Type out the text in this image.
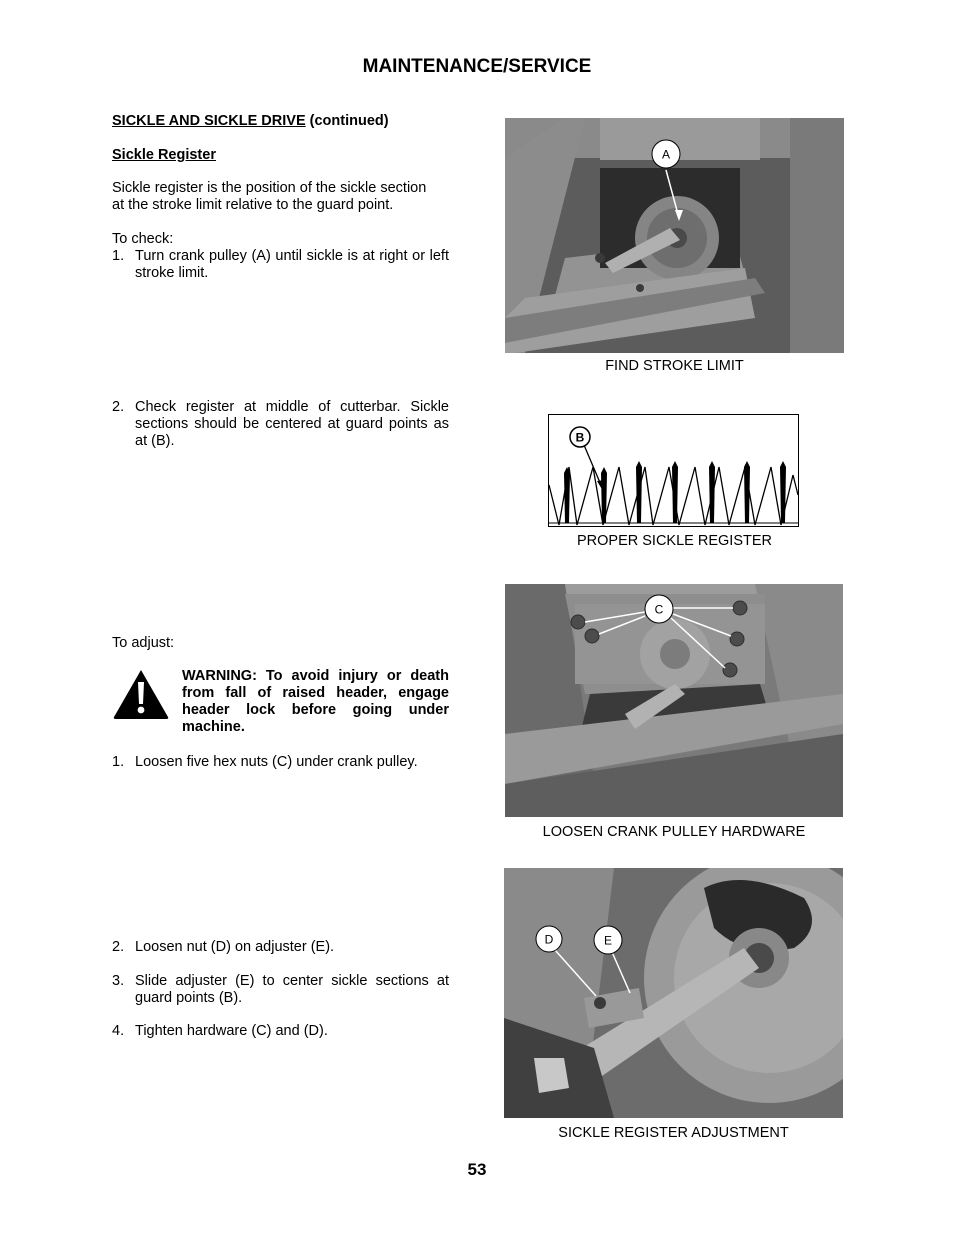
MAINTENANCE/SERVICE
SICKLE AND SICKLE DRIVE (continued)
Sickle Register
Sickle register is the position of the sickle section
at the stroke limit relative to the guard point.
To check:
1. Turn crank pulley (A) until sickle is at right or left stroke limit.
2. Check register at middle of cutterbar. Sickle sections should be centered at guard points as at (B).
To adjust:
WARNING: To avoid injury or death from fall of raised header, engage header lock before going under machine.
1. Loosen five hex nuts (C) under crank pulley.
2. Loosen nut (D) on adjuster (E).
3. Slide adjuster (E) to center sickle sections at guard points (B).
4. Tighten hardware (C) and (D).
A
FIND STROKE LIMIT
B
PROPER SICKLE REGISTER
C
LOOSEN CRANK PULLEY HARDWARE
D	E
SICKLE REGISTER ADJUSTMENT
53
